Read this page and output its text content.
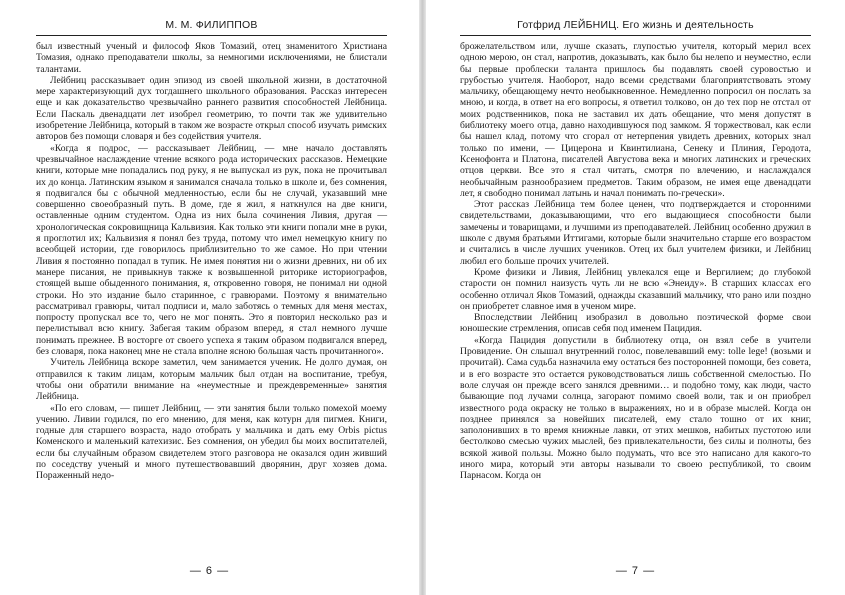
М. М. ФИЛИППОВ

был известный ученый и философ Яков Томазий, отец знаменитого Христиана Томазия, однако преподаватели школы, за немногими исключениями, не блистали талантами.

Лейбниц рассказывает один эпизод из своей школьной жизни, в достаточной мере характеризующий дух тогдашнего школьного образования. Рассказ интересен еще и как доказательство чрезвычайно раннего развития способностей Лейбница. Если Паскаль двенадцати лет изобрел геометрию, то почти так же удивительно изобретение Лейбница, который в таком же возрасте открыл способ изучать римских авторов без помощи словаря и без содействия учителя.

«Когда я подрос, — рассказывает Лейбниц, — мне начало доставлять чрезвычайное наслаждение чтение всякого рода исторических рассказов. Немецкие книги, которые мне попадались под руку, я не выпускал из рук, пока не прочитывал их до конца. Латинским языком я занимался сначала только в школе и, без сомнения, я подвигался бы с обычной медленностью, если бы не случай, указавший мне совершенно своеобразный путь. В доме, где я жил, я наткнулся на две книги, оставленные одним студентом. Одна из них была сочинения Ливия, другая — хронологическая сокровищница Кальвизия. Как только эти книги попали мне в руки, я проглотил их; Кальвизия я понял без труда, потому что имел немецкую книгу по всеобщей истории, где говорилось приблизительно то же самое. Но при чтении Ливия я постоянно попадал в тупик. Не имея понятия ни о жизни древних, ни об их манере писания, не привыкнув также к возвышенной риторике историографов, стоящей выше обыденного понимания, я, откровенно говоря, не понимал ни одной строки. Но это издание было старинное, с гравюрами. Поэтому я внимательно рассматривал гравюры, читал подписи и, мало заботясь о темных для меня местах, попросту пропускал все то, чего не мог понять. Это я повторил несколько раз и перелистывал всю книгу. Забегая таким образом вперед, я стал немного лучше понимать прежнее. В восторге от своего успеха я таким образом подвигался вперед, без словаря, пока наконец мне не стала вполне ясною большая часть прочитанного».

Учитель Лейбница вскоре заметил, чем занимается ученик. Не долго думая, он отправился к таким лицам, которым мальчик был отдан на воспитание, требуя, чтобы они обратили внимание на «неуместные и преждевременные» занятия Лейбница.

«По его словам, — пишет Лейбниц, — эти занятия были только помехой моему учению. Ливии годился, по его мнению, для меня, как котурн для пигмея. Книги, годные для старшего возраста, надо отобрать у мальчика и дать ему Orbis pictus Коменского и маленький катехизис. Без сомнения, он убедил бы моих воспитателей, если бы случайным образом свидетелем этого разговора не оказался один живший по соседству ученый и много путешествовавший дворянин, друг хозяев дома. Пораженный недо-

— 6 —
Готфрид ЛЕЙБНИЦ. Его жизнь и деятельность

брожелательством или, лучше сказать, глупостью учителя, который мерил всех одною мерою, он стал, напротив, доказывать, как было бы нелепо и неуместно, если бы первые проблески таланта пришлось бы подавлять своей суровостью и грубостью учителя. Наоборот, надо всеми средствами благоприятствовать этому мальчику, обещающему нечто необыкновенное. Немедленно попросил он послать за мною, и когда, в ответ на его вопросы, я ответил толково, он до тех пор не отстал от моих родственников, пока не заставил их дать обещание, что меня допустят в библиотеку моего отца, давно находившуюся под замком. Я торжествовал, как если бы нашел клад, потому что сгорал от нетерпения увидеть древних, которых знал только по имени, — Цицерона и Квинтилиана, Сенеку и Плиния, Геродота, Ксенофонта и Платона, писателей Августова века и многих латинских и греческих отцов церкви. Все это я стал читать, смотря по влечению, и наслаждался необычайным разнообразием предметов. Таким образом, не имея еще двенадцати лет, я свободно понимал латынь и начал понимать по-гречески».

Этот рассказ Лейбница тем более ценен, что подтверждается и сторонними свидетельствами, доказывающими, что его выдающиеся способности были замечены и товарищами, и лучшими из преподавателей. Лейбниц особенно дружил в школе с двумя братьями Иттигами, которые были значительно старше его возрастом и считались в числе лучших учеников. Отец их был учителем физики, и Лейбниц любил его больше прочих учителей.

Кроме физики и Ливия, Лейбниц увлекался еще и Вергилием; до глубокой старости он помнил наизусть чуть ли не всю «Энеиду». В старших классах его особенно отличал Яков Томазий, однажды сказавший мальчику, что рано или поздно он приобретет славное имя в ученом мире.

Впоследствии Лейбниц изобразил в довольно поэтической форме свои юношеские стремления, описав себя под именем Пацидия.

«Когда Пацидия допустили в библиотеку отца, он взял себе в учители Провидение. Он слышал внутренний голос, повелевавший ему: tolle lege! (возьми и прочитай). Сама судьба назначила ему остаться без посторонней помощи, без совета, и в его возрасте это остается руководствоваться лишь собственной смелостью. По воле случая он прежде всего занялся древними… и подобно тому, как люди, часто бывающие под лучами солнца, загорают помимо своей воли, так и он приобрел известного рода окраску не только в выражениях, но и в образе мыслей. Когда он позднее принялся за новейших писателей, ему стало тошно от их книг, заполонивших в то время книжные лавки, от этих мешков, набитых пустотою или бестолково смесью чужих мыслей, без привлекательности, без силы и полноты, без всякой живой пользы. Можно было подумать, что все это написано для какого-то иного мира, который эти авторы называли то своею республикой, то своим Парнасом. Когда он

— 7 —
